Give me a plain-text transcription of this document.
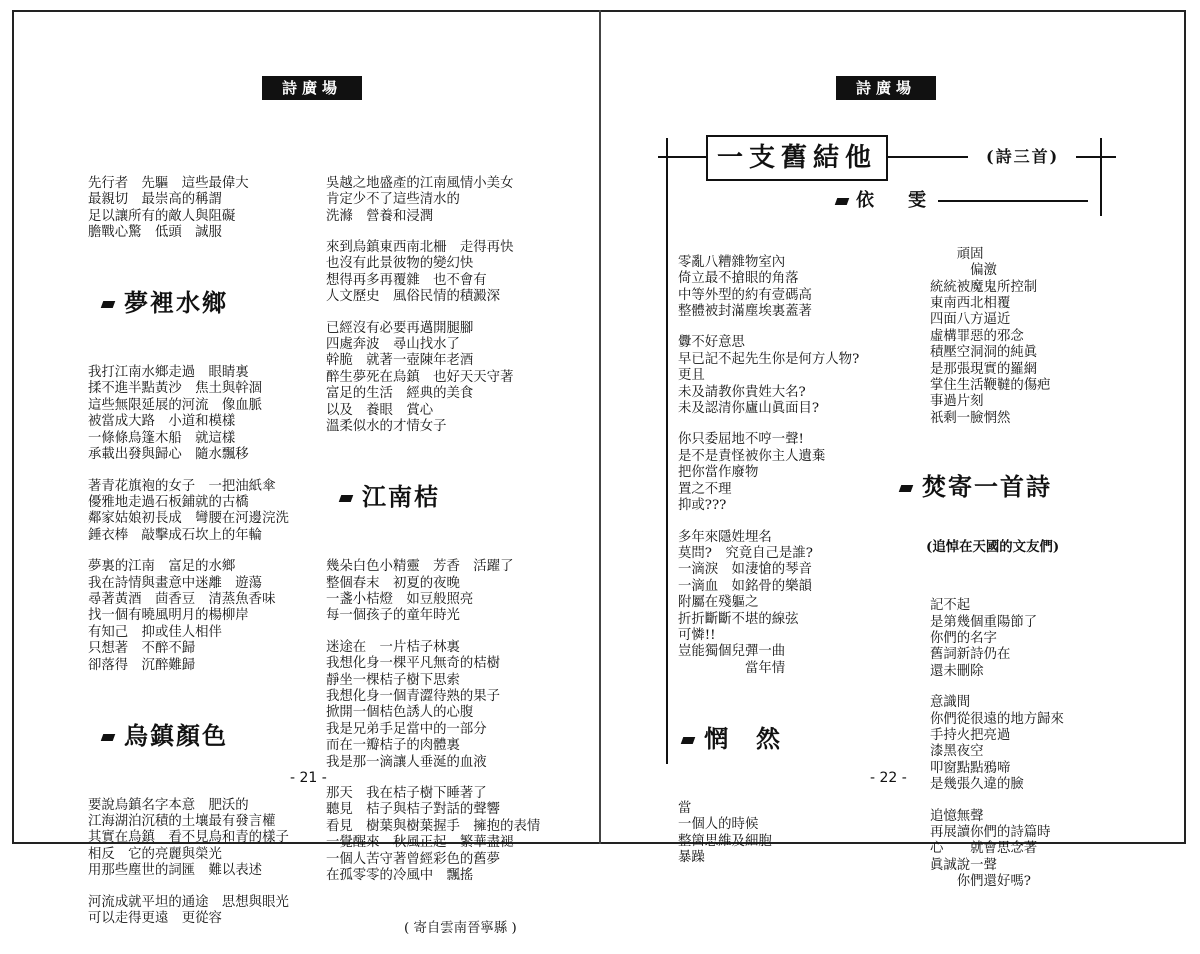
詩廣場

先行者　先驅　這些最偉大

最親切　最崇高的稱謂

足以讓所有的敵人與阻礙

膽戰心驚　低頭　誠服

夢裡水鄉

我打江南水鄉走過　眼睛裏

揉不進半點黃沙　焦土與幹涸

這些無限延展的河流　像血脈

被當成大路　小道和模樣

一條條烏篷木船　就這樣

承載出發與歸心　隨水飄移

著青花旗袍的女子　一把油紙傘

優雅地走過石板鋪就的古橋

鄰家姑娘初長成　彎腰在河邊浣洗

錘衣棒　敲擊成石坎上的年輪

夢裏的江南　富足的水鄉

我在詩情與畫意中迷離　遊蕩

尋著黃酒　茴香豆　清蒸魚香味

找一個有曉風明月的楊柳岸

有知己　抑或佳人相伴

只想著　不醉不歸

卻落得　沉醉難歸

烏鎮顏色

要說烏鎮名字本意　肥沃的

江海湖泊沉積的土壤最有發言權

其實在烏鎮　看不見烏和青的樣子

相反　它的亮麗與榮光

用那些塵世的詞匯　難以表述

河流成就平坦的通途　思想與眼光

可以走得更遠　更從容

吳越之地盛產的江南風情小美女

肯定少不了這些清水的

洗滌　營養和浸潤

來到烏鎮東西南北柵　走得再快

也沒有此景彼物的變幻快

想得再多再覆雜　也不會有

人文歷史　風俗民情的積澱深

已經沒有必要再邁開腿腳

四處奔波　尋山找水了

幹脆　就著一壺陳年老酒

醉生夢死在烏鎮　也好天天守著

富足的生活　經典的美食

以及　養眼　賞心

溫柔似水的才情女子

江南桔

幾朵白色小精靈　芳香　活躍了

整個春末　初夏的夜晚

一盞小桔燈　如豆般照亮

每一個孩子的童年時光

迷途在　一片桔子林裏

我想化身一棵平凡無奇的桔樹

靜坐一棵桔子樹下思索

我想化身一個青澀待熟的果子

掀開一個桔色誘人的心腹

我是兄弟手足當中的一部分

而在一瓣桔子的肉體裏

我是那一滴讓人垂涎的血液

那天　我在桔子樹下睡著了

聽見　桔子與桔子對話的聲響

看見　樹葉與樹葉握手　擁抱的表情

一覺醒來　秋風正起　繁華盡褪

一個人苦守著曾經彩色的舊夢

在孤零零的冷風中　飄搖

( 寄自雲南晉寧縣 )

- 21 -
詩廣場
一支舊結他	(詩三首)
依　雯

零亂八糟雜物室內

倚立最不搶眼的角落

中等外型的約有壹碼高

整體被封滿塵埃裏蓋著

釁不好意思

早已記不起先生你是何方人物?

更且

未及請教你貴姓大名?

未及認清你廬山眞面目?

你只委屈地不哼一聲!

是不是責怪被你主人遺棄

把你當作廢物

置之不理

抑或???

多年來隱姓埋名

莫問?　究竟自己是誰?

一滴淚　如淒愴的琴音

一滴血　如銘骨的樂韻

附屬在殘軀之

折折斷斷不堪的線弦

可憐!!

豈能獨個兒彈一曲

　　　　　當年情

惘　然

當

一個人的時候

整箇思維及細胞

暴躁

　　頑固

　　　偏激

統統被魔鬼所控制

東南西北相覆

四面八方逼近

虛構罪惡的邪念

積壓空洞洞的純眞

是那張現實的羅網

掌住生活鞭韃的傷疤

事過片刻

祇剩一臉惘然

焚寄一首詩

(追悼在天國的文友們)

記不起

是第幾個重陽節了

你們的名字

舊詞新詩仍在

還未刪除

意識間

你們從很遠的地方歸來

手持火把亮過

漆黑夜空

叩窗點點鴉啼

是幾張久違的臉

追憶無聲

再展讀你們的詩篇時

心　　就會思念著

眞誠說一聲

　　你們還好嗎?

- 22 -
